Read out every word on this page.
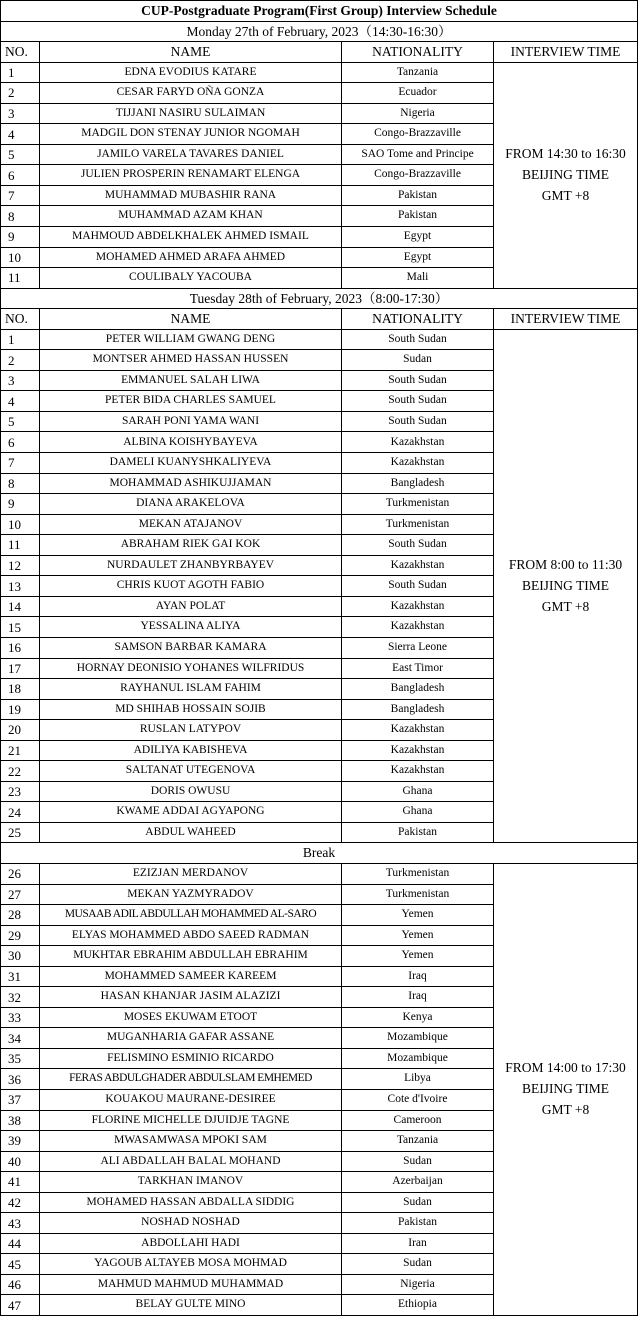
CUP-Postgraduate Program(First Group) Interview Schedule			
Monday 27th of February, 2023（14:30-16:30）			
NO.	NAME	NATIONALITY	INTERVIEW TIME
1	EDNA EVODIUS KATARE	Tanzania	FROM 14:30 to 16:30
BEIJING TIME
GMT +8
2	CESAR FARYD OÑA GONZA	Ecuador	
3	TIJJANI NASIRU SULAIMAN	Nigeria	
4	MADGIL DON STENAY JUNIOR NGOMAH	Congo-Brazzaville	
5	JAMILO VARELA TAVARES DANIEL	SAO Tome and Principe	
6	JULIEN PROSPERIN RENAMART ELENGA	Congo-Brazzaville	
7	MUHAMMAD MUBASHIR RANA	Pakistan	
8	MUHAMMAD AZAM KHAN	Pakistan	
9	MAHMOUD ABDELKHALEK AHMED ISMAIL	Egypt	
10	MOHAMED AHMED ARAFA AHMED	Egypt	
11	COULIBALY YACOUBA	Mali	
Tuesday 28th of February, 2023（8:00-17:30）			
NO.	NAME	NATIONALITY	INTERVIEW TIME
1	PETER WILLIAM GWANG DENG	South Sudan	FROM 8:00 to 11:30
BEIJING TIME
GMT +8
2	MONTSER AHMED HASSAN HUSSEN	Sudan	
3	EMMANUEL SALAH LIWA	South Sudan	
4	PETER BIDA CHARLES SAMUEL	South Sudan	
5	SARAH PONI YAMA WANI	South Sudan	
6	ALBINA KOISHYBAYEVA	Kazakhstan	
7	DAMELI KUANYSHKALIYEVA	Kazakhstan	
8	MOHAMMAD ASHIKUJJAMAN	Bangladesh	
9	DIANA ARAKELOVA	Turkmenistan	
10	MEKAN ATAJANOV	Turkmenistan	
11	ABRAHAM RIEK GAI KOK	South Sudan	
12	NURDAULET ZHANBYRBAYEV	Kazakhstan	
13	CHRIS KUOT AGOTH FABIO	South Sudan	
14	AYAN POLAT	Kazakhstan	
15	YESSALINA ALIYA	Kazakhstan	
16	SAMSON BARBAR KAMARA	Sierra Leone	
17	HORNAY DEONISIO YOHANES WILFRIDUS	East Timor	
18	RAYHANUL ISLAM FAHIM	Bangladesh	
19	MD SHIHAB HOSSAIN SOJIB	Bangladesh	
20	RUSLAN LATYPOV	Kazakhstan	
21	ADILIYA KABISHEVA	Kazakhstan	
22	SALTANAT UTEGENOVA	Kazakhstan	
23	DORIS OWUSU	Ghana	
24	KWAME ADDAI AGYAPONG	Ghana	
25	ABDUL WAHEED	Pakistan	
Break			
26	EZIZJAN MERDANOV	Turkmenistan	FROM 14:00 to 17:30
BEIJING TIME
GMT +8
27	MEKAN YAZMYRADOV	Turkmenistan	
28	MUSAAB ADIL ABDULLAH MOHAMMED AL-SARO	Yemen	
29	ELYAS MOHAMMED ABDO SAEED RADMAN	Yemen	
30	MUKHTAR EBRAHIM ABDULLAH EBRAHIM	Yemen	
31	MOHAMMED SAMEER KAREEM	Iraq	
32	HASAN KHANJAR JASIM ALAZIZI	Iraq	
33	MOSES EKUWAM ETOOT	Kenya	
34	MUGANHARIA GAFAR ASSANE	Mozambique	
35	FELISMINO ESMINIO RICARDO	Mozambique	
36	FERAS ABDULGHADER ABDULSLAM EMHEMED	Libya	
37	KOUAKOU MAURANE-DESIREE	Cote d'Ivoire	
38	FLORINE MICHELLE DJUIDJE TAGNE	Cameroon	
39	MWASAMWASA MPOKI SAM	Tanzania	
40	ALI ABDALLAH BALAL MOHAND	Sudan	
41	TARKHAN IMANOV	Azerbaijan	
42	MOHAMED HASSAN ABDALLA SIDDIG	Sudan	
43	NOSHAD NOSHAD	Pakistan	
44	ABDOLLAHI HADI	Iran	
45	YAGOUB ALTAYEB MOSA MOHMAD	Sudan	
46	MAHMUD MAHMUD MUHAMMAD	Nigeria	
47	BELAY GULTE MINO	Ethiopia	
